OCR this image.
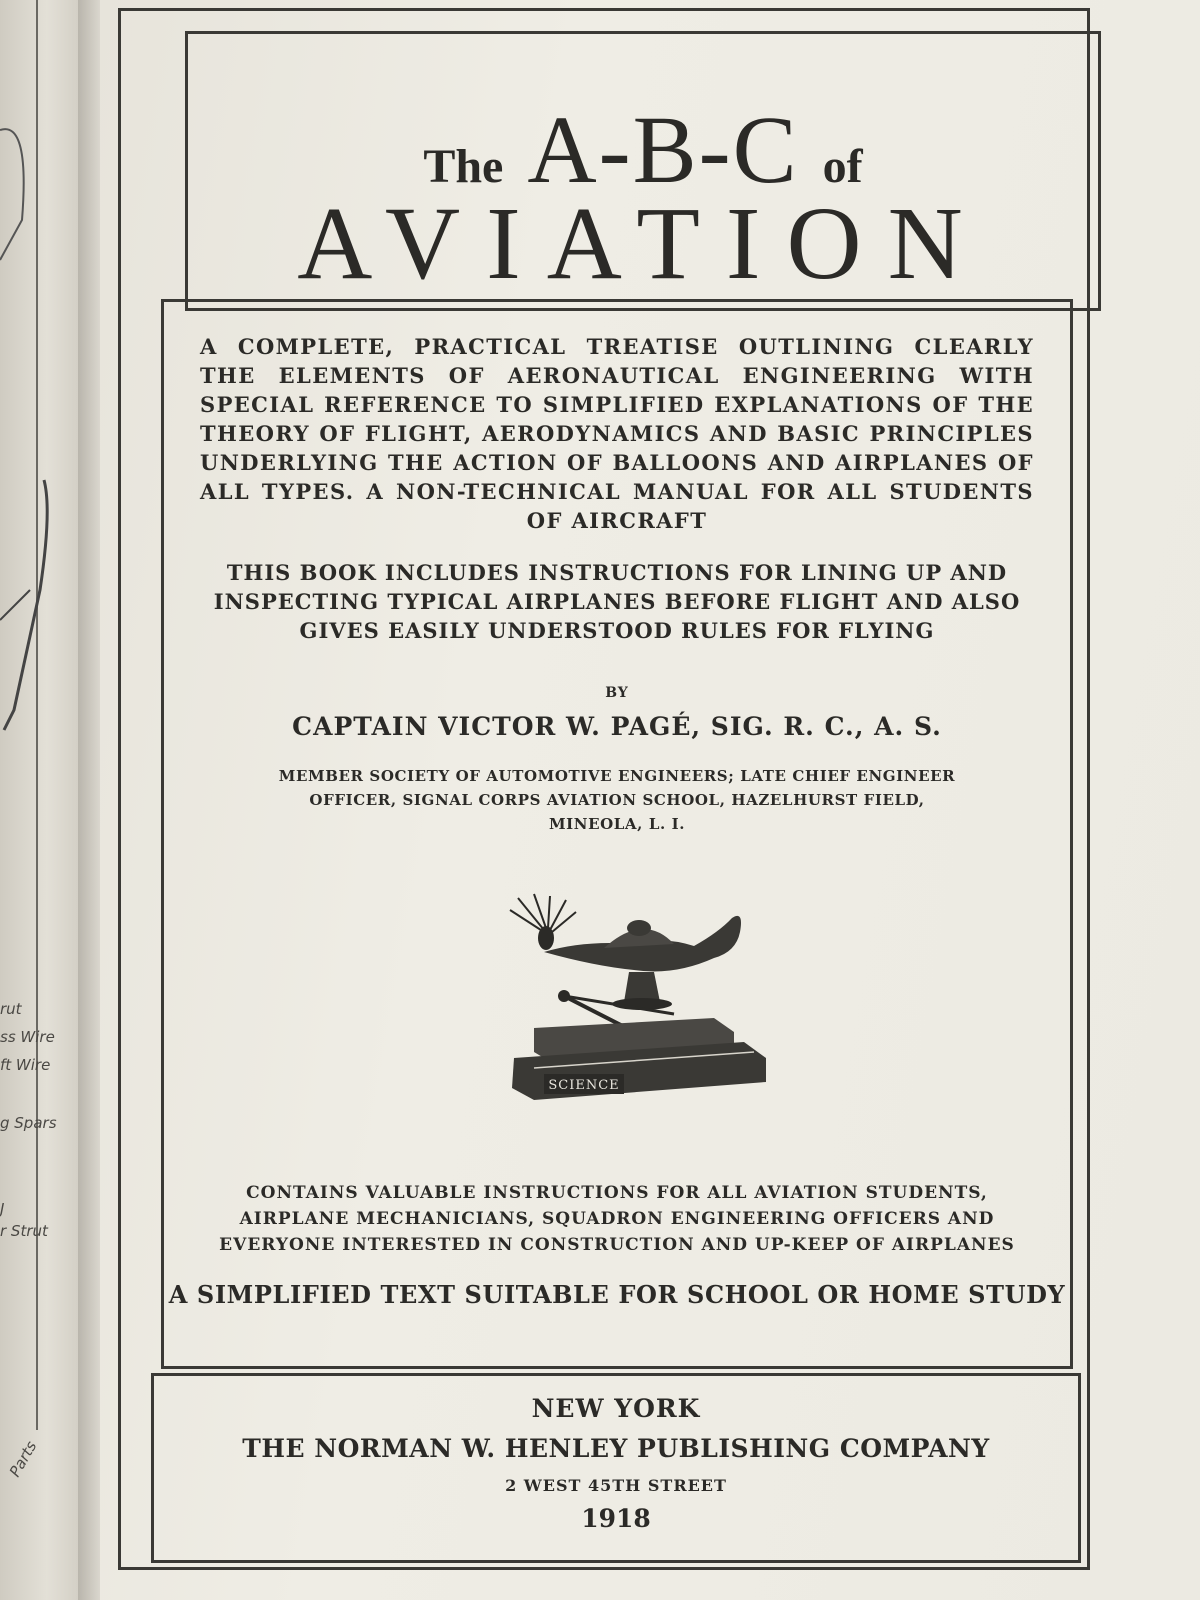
rut
ss Wire
ft Wire
g Spars
J
r Strut
Parts
The A-B-C of
AVIATION
A COMPLETE, PRACTICAL TREATISE OUTLINING CLEARLY THE ELEMENTS OF AERONAUTICAL ENGINEERING WITH SPECIAL REFERENCE TO SIMPLIFIED EXPLANATIONS OF THE THEORY OF FLIGHT, AERODYNAMICS AND BASIC PRINCIPLES UNDERLYING THE ACTION OF BALLOONS AND AIRPLANES OF ALL TYPES. A NON-TECHNICAL MANUAL FOR ALL STUDENTS OF AIRCRAFT
THIS BOOK INCLUDES INSTRUCTIONS FOR LINING UP AND INSPECTING TYPICAL AIRPLANES BEFORE FLIGHT AND ALSO GIVES EASILY UNDERSTOOD RULES FOR FLYING
BY
CAPTAIN VICTOR W. PAGÉ, SIG. R. C., A. S.
MEMBER SOCIETY OF AUTOMOTIVE ENGINEERS; LATE CHIEF ENGINEER OFFICER, SIGNAL CORPS AVIATION SCHOOL, HAZELHURST FIELD, MINEOLA, L. I.
SCIENCE
CONTAINS VALUABLE INSTRUCTIONS FOR ALL AVIATION STUDENTS, AIRPLANE MECHANICIANS, SQUADRON ENGINEERING OFFICERS AND EVERYONE INTERESTED IN CONSTRUCTION AND UP-KEEP OF AIRPLANES
A SIMPLIFIED TEXT SUITABLE FOR SCHOOL OR HOME STUDY
NEW YORK
THE NORMAN W. HENLEY PUBLISHING COMPANY
2 WEST 45TH STREET
1918
